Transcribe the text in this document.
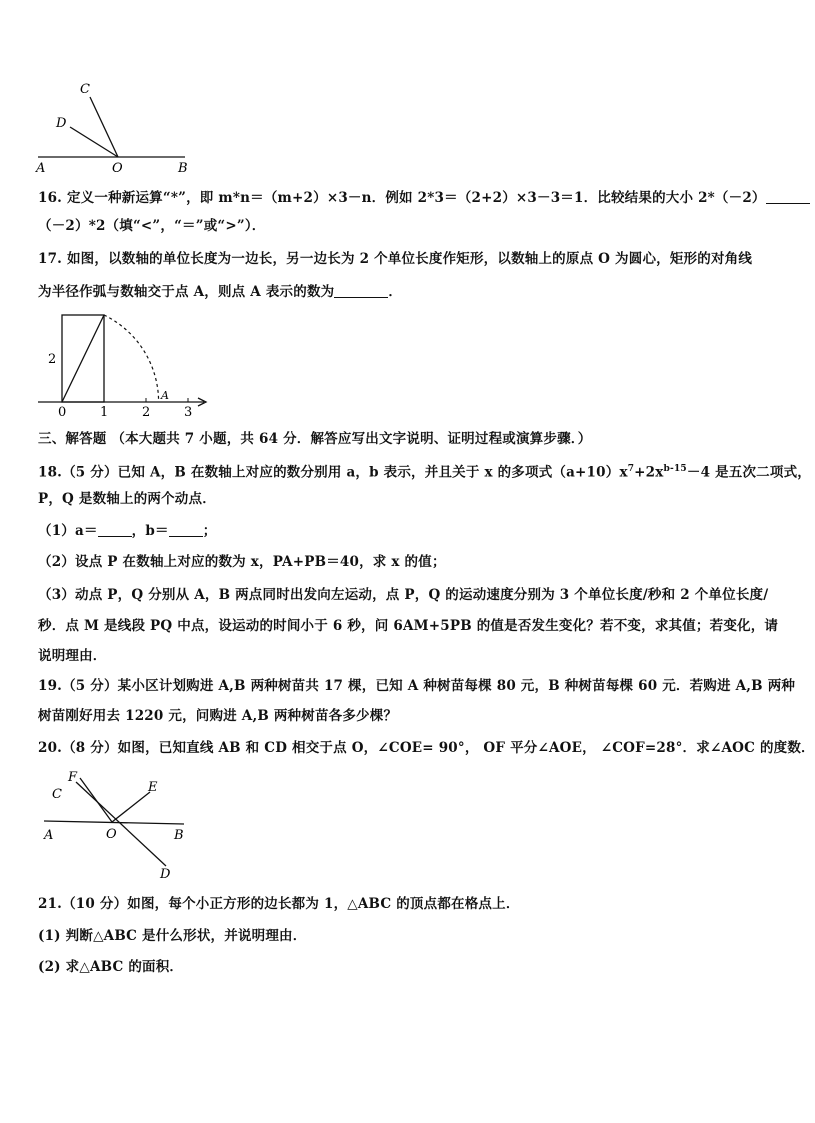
C
D
A	O	B
16. 定义一种新运算“*”，即 m*n＝（m+2）×3－n．例如 2*3＝（2+2）×3－3＝1．比较结果的大小 2*（－2）
（－2）*2（填“<”，“＝”或“>”）．
17. 如图，以数轴的单位长度为一边长，另一边长为 2 个单位长度作矩形，以数轴上的原点 O 为圆心，矩形的对角线
为半径作弧与数轴交于点 A，则点 A 表示的数为	．
2
0	1	2	3
A
三、解答题 （本大题共 7 小题，共 64 分．解答应写出文字说明、证明过程或演算步骤．）
18.（5 分）已知 A，B 在数轴上对应的数分别用 a，b 表示，并且关于 x 的多项式$(a+10)x^7+2x^{b-15}-4$ 是五次二项式，
P，Q 是数轴上的两个动点．
（1）a＝	，b＝	；
（2）设点 P 在数轴上对应的数为 x，PA+PB＝40，求 x 的值；
（3）动点 P，Q 分别从 A，B 两点同时出发向左运动，点 P，Q 的运动速度分别为 3 个单位长度/秒和 2 个单位长度/
秒．点 M 是线段 PQ 中点，设运动的时间小于 6 秒，问 6AM+5PB 的值是否发生变化？若不变，求其值；若变化，请
说明理由．
19.（5 分）某小区计划购进 A,B 两种树苗共 17 棵，已知 A 种树苗每棵 80 元，B 种树苗每棵 60 元．若购进 A,B 两种
树苗刚好用去 1220 元，问购进 A,B 两种树苗各多少棵？
20.（8 分）如图，已知直线 AB 和 CD 相交于点 O，∠COE= 90°， OF 平分∠AOE， ∠COF=28°．求∠AOC 的度数．
F
C	E
A	O	B
D
21.（10 分）如图，每个小正方形的边长都为 1，△ABC 的顶点都在格点上．
(1) 判断△ABC 是什么形状，并说明理由．
(2) 求△ABC 的面积．
